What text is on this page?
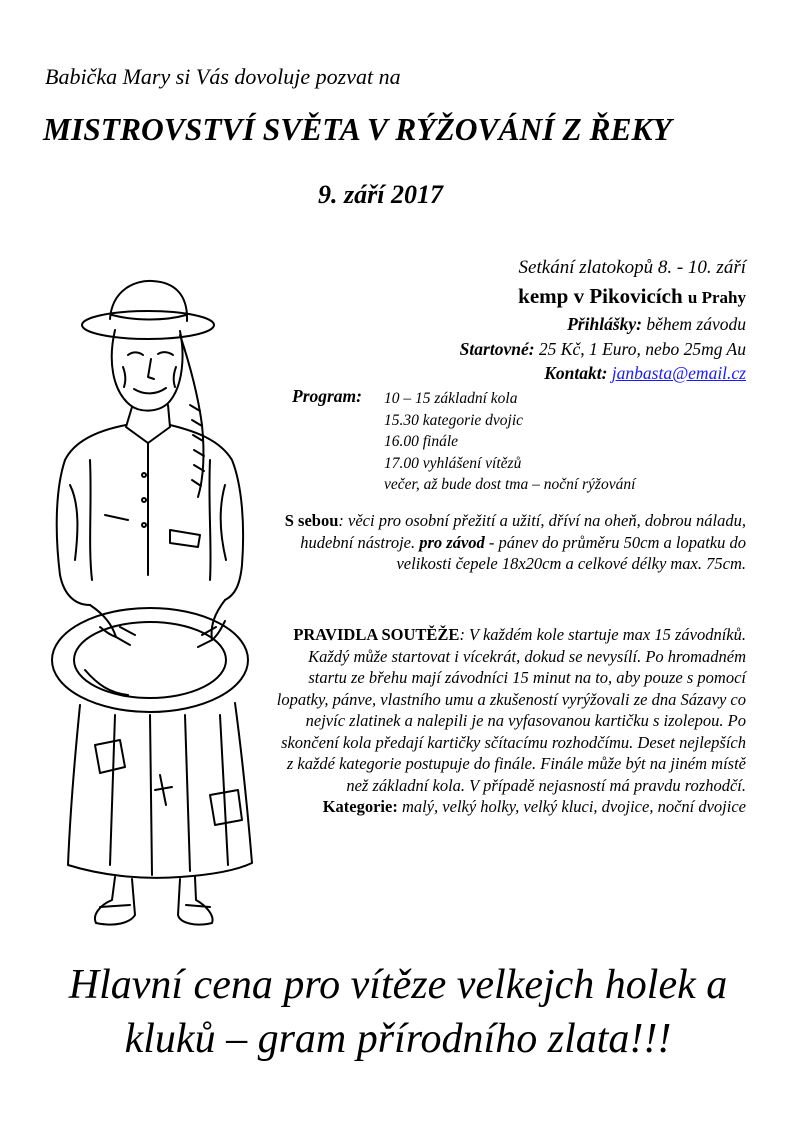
Babička Mary si Vás dovoluje pozvat na
MISTROVSTVÍ SVĚTA V RÝŽOVÁNÍ Z ŘEKY
9. září 2017
Setkání zlatokopů 8. - 10. září
kemp v Pikovicích u Prahy
Přihlášky: během závodu
Startovné: 25 Kč, 1 Euro, nebo 25mg Au
Kontakt: janbasta@email.cz
Program: 10 – 15 základní kola
15.30 kategorie dvojic
16.00 finále
17.00 vyhlášení vítězů
večer, až bude dost tma – noční rýžování
S sebou: věci pro osobní přežití a užití, dříví na oheň, dobrou náladu, hudební nástroje. pro závod - pánev do průměru 50cm a lopatku do velikosti čepele 18x20cm a celkové délky max. 75cm.
PRAVIDLA SOUTĚŽE: V každém kole startuje max 15 závodníků. Každý může startovat i vícekrát, dokud se nevysílí. Po hromadném startu ze břehu mají závodníci 15 minut na to, aby pouze s pomocí lopatky, pánve, vlastního umu a zkušeností vyrýžovali ze dna Sázavy co nejvíc zlatinek a nalepili je na vyfasovanou kartičku s izolepou. Po skončení kola předají kartičky sčítacímu rozhodčímu. Deset nejlepších z každé kategorie postupuje do finále. Finále může být na jiném místě než základní kola. V případě nejasností má pravdu rozhodčí.
Kategorie: malý, velký holky, velký kluci, dvojice, noční dvojice
Hlavní cena pro vítěze velkejch holek a kluků – gram přírodního zlata!!!
